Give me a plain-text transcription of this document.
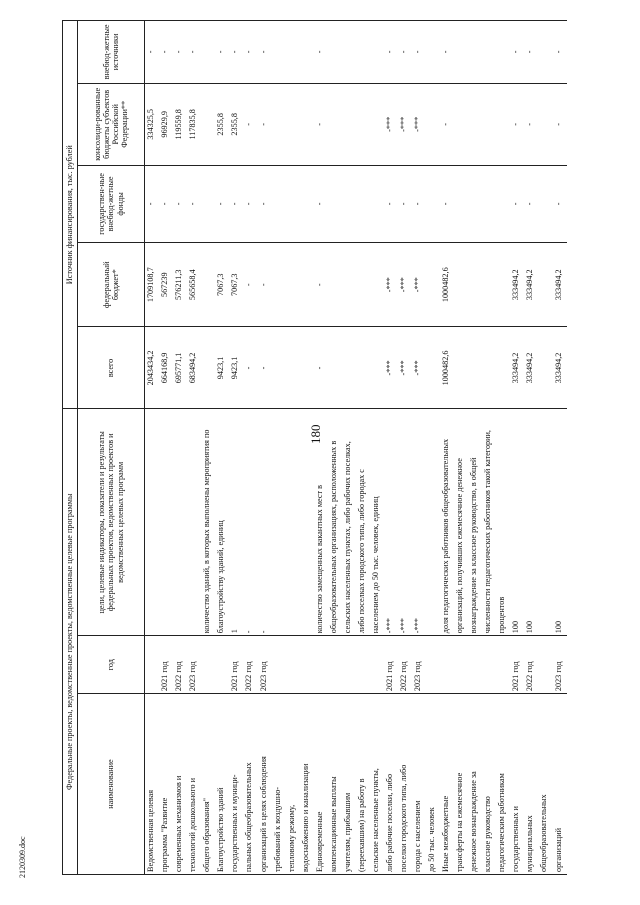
180
2120309.doc
Федеральные проекты, ведомственные проекты, ведомственные целевые программы			Источник финансирования, тыс. рублей				
наименование	год	цели, целевые индикаторы, показатели и результаты федеральных проектов, ведомственных проектов и ведомственных целевых программ	всего	федеральный бюджет*	государствен-ные внебюд-жетные фонды	консолиди-рованные бюджеты субъектов Российской Федерации**	внебюд-жетные источники
Ведомственная целевая			2043434,2	1709108,7	-	334325,5	-
программа "Развитие	2021 год		664168,9	567239	-	96929,9	-
современных механизмов и	2022 год		695771,1	576211,3	-	119559,8	-
технологий дошкольного и	2023 год		683494,2	565658,4	-	117835,8	-
общего образования"		количество зданий, в которых выполнены мероприятия по					
Благоустройство зданий		благоустройству зданий, единиц	9423,1	7067,3	-	2355,8	-
государственных и муници-	2021 год	1	9423,1	7067,3	-	2355,8	-
пальных общеобразовательных	2022 год	-	-	-	-	-	-
организаций в целях соблюдения	2023 год	-	-	-	-	-	-
требований к воздушно-							
тепловому режиму,							
водоснабжению и канализации							
Единовременные		количество замещенных вакантных мест в	-	-	-	-	-
компенсационные выплаты		общеобразовательных организациях, расположенных в					
учителям, прибывшим		сельских населенных пунктах, либо рабочих поселках,					
(переехавшим) на работу в		либо поселках городского типа, либо городах с					
сельские населенные пункты,		населением до 50 тыс. человек, единиц					
либо рабочие поселки, либо	2021 год	-***	-***	-***	-	-***	-
поселки городского типа, либо	2022 год	-***	-***	-***	-	-***	-
города с населением	2023 год	-***	-***	-***	-	-***	-
до 50 тыс. человек							
Иные межбюджетные		доля педагогических работников общеобразовательных	1000482,6	1000482,6	-	-	-
трансферты на ежемесячное		организаций, получивших ежемесячное денежное					
денежное вознаграждение за		вознаграждение за классное руководство, в общей					
классное руководство		численности педагогических работников такой категории,					
педагогическим работникам		процентов					
государственных и	2021 год	100	333494,2	333494,2	-	-	-
муниципальных	2022 год	100	333494,2	333494,2	-	-	-
общеобразовательных							
организаций	2023 год	100	333494,2	333494,2	-	-	-
